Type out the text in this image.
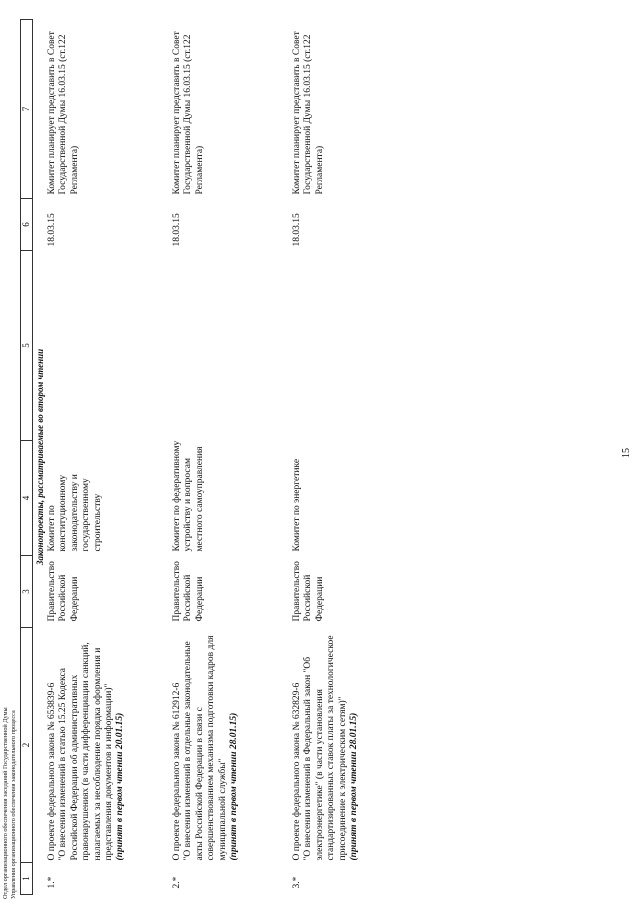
15
1	2	3	4	5	6	7
Законопроекты, рассматриваемые во втором чтении						
1.*	О проекте федерального закона № 653839-6 "О внесении изменений в статью 15.25 Кодекса Российской Федерации об административных правонарушениях (в части дифференциации санкций, налагаемых за несоблюдение порядка оформления и представления документов и информации)" (принят в первом чтении 20.01.15)	Правительство Российской Федерации	Комитет по конституционному законодательству и государственному строительству		18.03.15	Комитет планирует представить в Совет Государственной Думы 16.03.15 (ст.122 Регламента)
2.*	О проекте федерального закона № 612912-6 "О внесении изменений в отдельные законодательные акты Российской Федерации в связи с совершенствованием механизма подготовки кадров для муниципальной службы" (принят в первом чтении 28.01.15)	Правительство Российской Федерации	Комитет по федеративному устройству и вопросам местного самоуправления		18.03.15	Комитет планирует представить в Совет Государственной Думы 16.03.15 (ст.122 Регламента)
3.*	О проекте федерального закона № 632829-6 "О внесении изменений в Федеральный закон "Об электроэнергетике" (в части установления стандартизированных ставок платы за технологическое присоединение к электрическим сетям)" (принят в первом чтении 28.01.15)	Правительство Российской Федерации	Комитет по энергетике		18.03.15	Комитет планирует представить в Совет Государственной Думы 16.03.15 (ст.122 Регламента)

Отдел организационного обеспечения заседаний Государственной Думы Управления организационного обеспечения законодательного процесса
